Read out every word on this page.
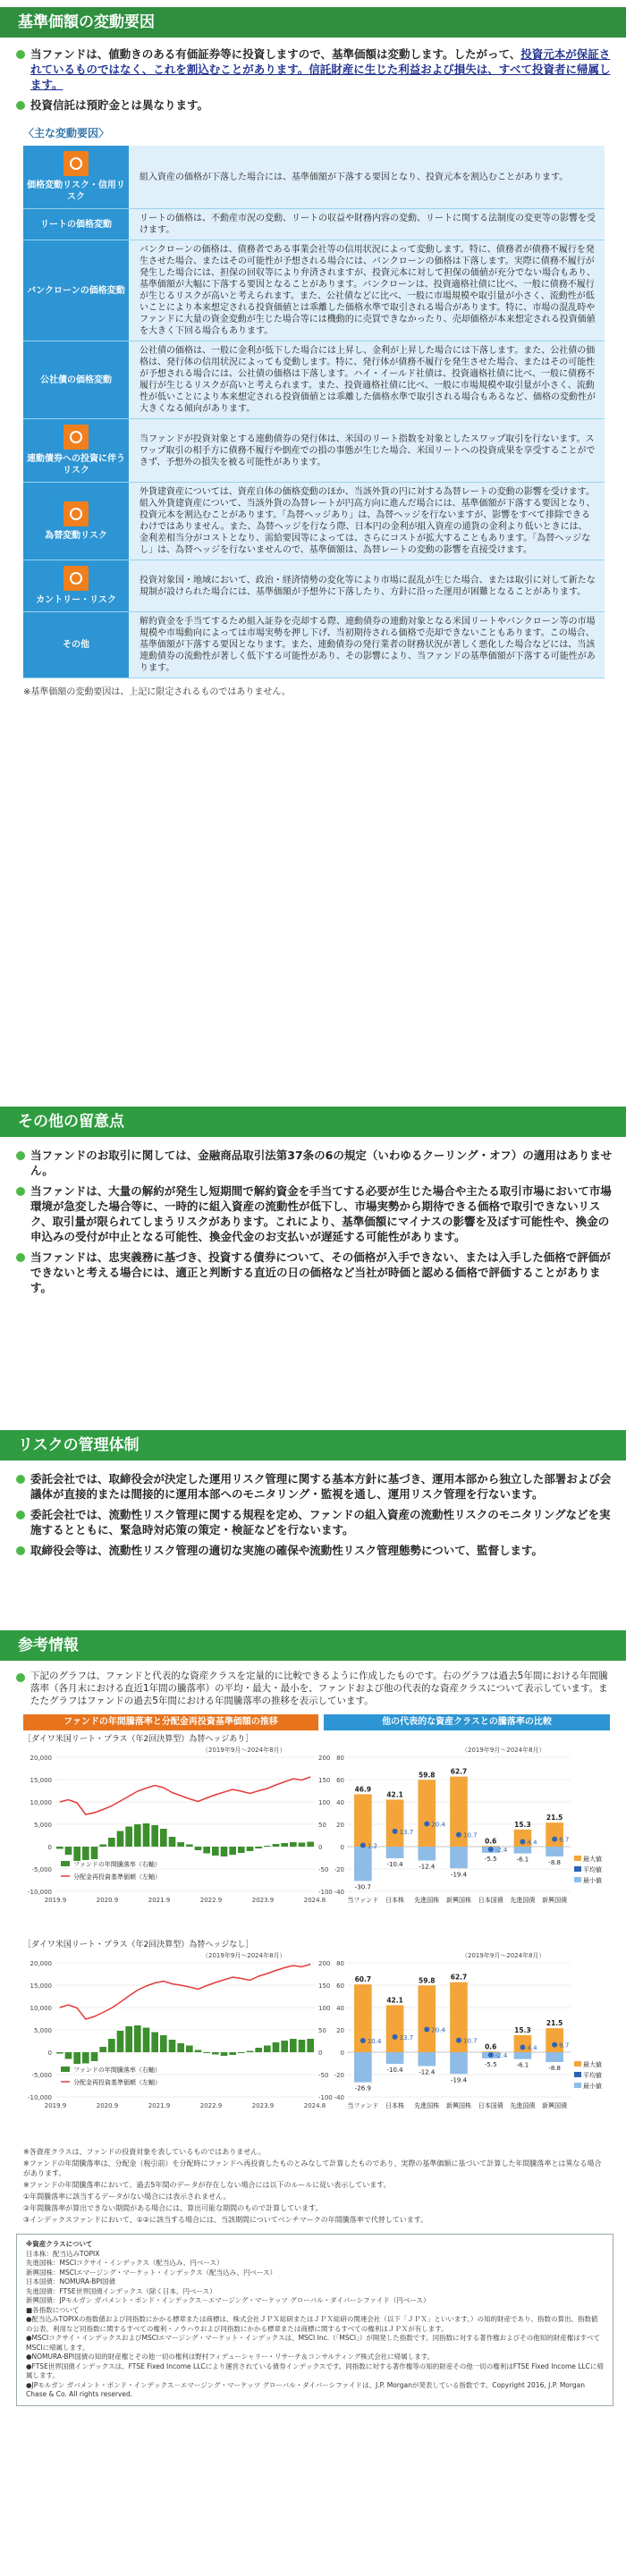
基準価額の変動要因
当ファンドは、値動きのある有価証券等に投資しますので、基準価額は変動します。したがって、投資元本が保証されているものではなく、これを割込むことがあります。信託財産に生じた利益および損失は、すべて投資者に帰属します。
投資信託は預貯金とは異なります。
〈主な変動要因〉
価格変動リスク・信用リスク	組入資産の価格が下落した場合には、基準価額が下落する要因となり、投資元本を割込むことがあります。

リートの価格変動	リートの価格は、不動産市況の変動、リートの収益や財務内容の変動、リートに関する法制度の変更等の影響を受けます。

バンクローンの価格変動	バンクローンの価格は、債務者である事業会社等の信用状況によって変動します。特に、債務者が債務不履行を発生させた場合、またはその可能性が予想される場合には、バンクローンの価格は下落します。実際に債務不履行が発生した場合には、担保の回収等により弁済されますが、投資元本に対して担保の価値が充分でない場合もあり、基準価額が大幅に下落する要因となることがあります。バンクローンは、投資適格社債に比べ、一般に債務不履行が生じるリスクが高いと考えられます。また、公社債などに比べ、一般に市場規模や取引量が小さく、流動性が低いことにより本来想定される投資価値とは乖離した価格水準で取引される場合があります。特に、市場の混乱時やファンドに大量の資金変動が生じた場合等には機動的に売買できなかったり、売却価格が本来想定される投資価値を大きく下回る場合もあります。

公社債の価格変動	公社債の価格は、一般に金利が低下した場合には上昇し、金利が上昇した場合には下落します。また、公社債の価格は、発行体の信用状況によっても変動します。特に、発行体が債務不履行を発生させた場合、またはその可能性が予想される場合には、公社債の価格は下落します。ハイ・イールド社債は、投資適格社債に比べ、一般に債務不履行が生じるリスクが高いと考えられます。また、投資適格社債に比べ、一般に市場規模や取引量が小さく、流動性が低いことにより本来想定される投資価値とは乖離した価格水準で取引される場合もあるなど、価格の変動性が大きくなる傾向があります。

連動債券への投資に伴うリスク	当ファンドが投資対象とする連動債券の発行体は、米国のリート指数を対象としたスワップ取引を行ないます。スワップ取引の相手方に債務不履行や倒産での損の事態が生じた場合、米国リートへの投資成果を享受することができず、予想外の損失を被る可能性があります。

為替変動リスク	外貨建資産については、資産自体の価格変動のほか、当該外貨の円に対する為替レートの変動の影響を受けます。組入外貨建資産について、当該外貨の為替レートが円高方向に進んだ場合には、基準価額が下落する要因となり、投資元本を割込むことがあります。「為替ヘッジあり」は、為替ヘッジを行ないますが、影響をすべて排除できるわけではありません。また、為替ヘッジを行なう際、日本円の金利が組入資産の通貨の金利より低いときには、金利差相当分がコストとなり、需給要因等によっては、さらにコストが拡大することもあります。「為替ヘッジなし」は、為替ヘッジを行ないませんので、基準価額は、為替レートの変動の影響を直接受けます。

カントリー・リスク	投資対象国・地域において、政治・経済情勢の変化等により市場に混乱が生じた場合、または取引に対して新たな規制が設けられた場合には、基準価額が予想外に下落したり、方針に沿った運用が困難となることがあります。

その他	解約資金を手当てするため組入証券を売却する際、連動債券の連動対象となる米国リートやバンクローン等の市場規模や市場動向によっては市場実勢を押し下げ、当初期待される価格で売却できないこともあります。この場合、基準価額が下落する要因となります。また、連動債券の発行業者の財務状況が著しく悪化した場合などには、当該連動債券の流動性が著しく低下する可能性があり、その影響により、当ファンドの基準価額が下落する可能性があります。
※基準価額の変動要因は、上記に限定されるものではありません。
その他の留意点
当ファンドのお取引に関しては、金融商品取引法第37条の6の規定（いわゆるクーリング・オフ）の適用はありません。
当ファンドは、大量の解約が発生し短期間で解約資金を手当てする必要が生じた場合や主たる取引市場において市場環境が急変した場合等に、一時的に組入資産の流動性が低下し、市場実勢から期待できる価格で取引できないリスク、取引量が限られてしまうリスクがあります。これにより、基準価額にマイナスの影響を及ぼす可能性や、換金の申込みの受付が中止となる可能性、換金代金のお支払いが遅延する可能性があります。
当ファンドは、忠実義務に基づき、投資する債券について、その価格が入手できない、または入手した価格で評価ができないと考える場合には、適正と判断する直近の日の価格など当社が時価と認める価格で評価することがあります。
リスクの管理体制
委託会社では、取締役会が決定した運用リスク管理に関する基本方針に基づき、運用本部から独立した部署および会議体が直接的または間接的に運用本部へのモニタリング・監視を通し、運用リスク管理を行ないます。
委託会社では、流動性リスク管理に関する規程を定め、ファンドの組入資産の流動性リスクのモニタリングなどを実施するとともに、緊急時対応策の策定・検証などを行ないます。
取締役会等は、流動性リスク管理の適切な実施の確保や流動性リスク管理態勢について、監督します。
参考情報
下記のグラフは、ファンドと代表的な資産クラスを定量的に比較できるように作成したものです。右のグラフは過去5年間における年間騰落率（各月末における直近1年間の騰落率）の平均・最大・最小を、ファンドおよび他の代表的な資産クラスについて表示しています。またたグラフはファンドの過去5年間における年間騰落率の推移を表示しています。
ファンドの年間騰落率と分配金再投資基準価額の推移	他の代表的な資産クラスとの騰落率の比較
［ダイワ米国リート・プラス（年2回決算型）為替ヘッジあり］
（2019年9月～2024年8月）
-10,000	-100
-5,000	-50
0	0
5,000	50
10,000	100
15,000	150
20,000	200
2019.9	2020.9	2021.9	2022.9	2023.9	2024.8
ファンドの年間騰落率（右軸）
分配金再投資基準価額（左軸）
（2019年9月～2024年8月）
-40
-20
0
20
40
60
80
46.9
1.2
-30.7
当ファンド
42.1
13.7
-10.4
日本株
59.8
20.4
-12.4
先進国株
62.7
10.7
-19.4
新興国株
0.6
-2.4
-5.5
日本国債
15.3
4.4
-6.1
先進国債
21.5
6.7
-8.8
新興国債
最大値
平均値
最小値
［ダイワ米国リート・プラス（年2回決算型）為替ヘッジなし］
（2019年9月～2024年8月）
-10,000	-100
-5,000	-50
0	0
5,000	50
10,000	100
15,000	150
20,000	200
2019.9	2020.9	2021.9	2022.9	2023.9	2024.8
ファンドの年間騰落率（右軸）
分配金再投資基準価額（左軸）
（2019年9月～2024年8月）
-40
-20
0
20
40
60
80
60.7
10.4
-26.9
当ファンド
42.1
13.7
-10.4
日本株
59.8
20.4
-12.4
先進国株
62.7
10.7
-19.4
新興国株
0.6
-2.4
-5.5
日本国債
15.3
4.4
-6.1
先進国債
21.5
6.7
-8.8
新興国債
最大値
平均値
最小値
※各資産クラスは、ファンドの投資対象を表しているものではありません。
※ファンドの年間騰落率は、分配金（税引前）を分配時にファンドへ再投資したものとみなして計算したものであり、実際の基準価額に基づいて計算した年間騰落率とは異なる場合があります。
※ファンドの年間騰落率において、過去5年間のデータが存在しない場合には以下のルールに従い表示しています。
①年間騰落率に該当するデータがない場合には表示されません。
②年間騰落率が算出できない期間がある場合には、算出可能な期間のもので計算しています。
③インデックスファンドにおいて、①②に該当する場合には、当該期間についてベンチマークの年間騰落率で代替しています。
※資産クラスについて
日本株：配当込みTOPIX
先進国株：MSCIコクサイ・インデックス（配当込み、円ベース）
新興国株：MSCIエマージング・マーケット・インデックス（配当込み、円ベース）
日本国債：NOMURA-BPI国債
先進国債：FTSE世界国債インデックス（除く日本、円ベース）
新興国債：JPモルガン ガバメント・ボンド・インデックス－エマージング・マーケッツ グローバル・ダイバーシファイド（円ベース）
■各指数について
●配当込みTOPIXの指数値および同指数にかかる標章または商標は、株式会社ＪＰＸ総研またはＪＰＸ総研の関連会社（以下「ＪＰＸ」といいます。）の知的財産であり、指数の算出、指数値の公表、利用など同指数に関するすべての権利・ノウハウおよび同指数にかかる標章または商標に関するすべての権利はＪＰＸが有します。
●MSCIコクサイ・インデックスおよびMSCIエマージング・マーケット・インデックスは、MSCI Inc.（「MSCI」）が開発した指数です。同指数に対する著作権およびその他知的財産権はすべてMSCIに帰属します。
●NOMURA-BPI国債の知的財産権とその他一切の権利は野村フィデューシャリー・リサーチ＆コンサルティング株式会社に帰属します。
●FTSE世界国債インデックスは、FTSE Fixed Income LLCにより運営されている債券インデックスです。同指数に対する著作権等の知的財産その他一切の権利はFTSE Fixed Income LLCに帰属します。
●JPモルガン ガバメント・ボンド・インデックス－エマージング・マーケッツ グローバル・ダイバーシファイドは、J.P. Morganが発表している指数です。Copyright 2016, J.P. Morgan Chase & Co. All rights reserved.
